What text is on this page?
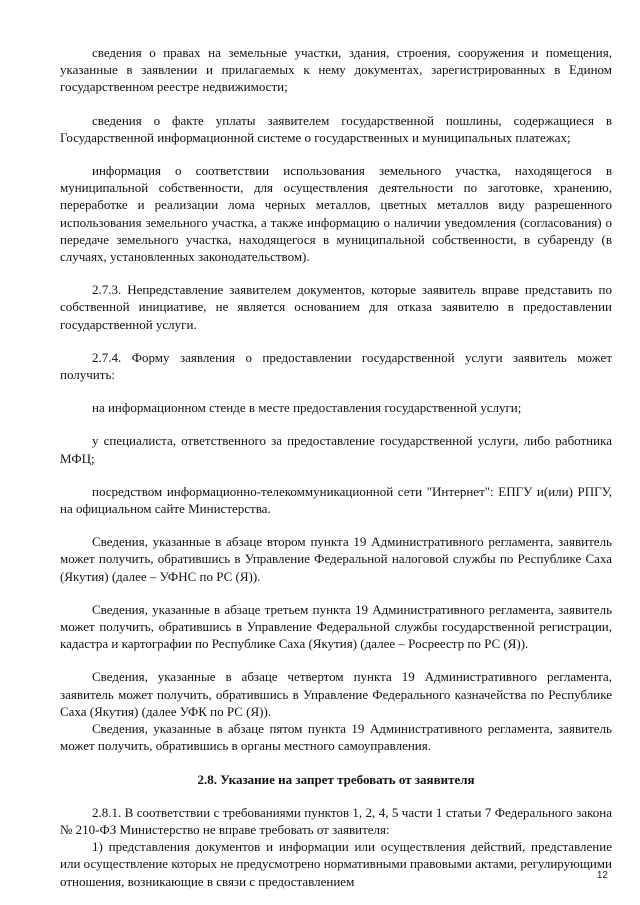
сведения о правах на земельные участки, здания, строения, сооружения и помещения, указанные в заявлении и прилагаемых к нему документах, зарегистрированных в Едином государственном реестре недвижимости;

сведения о факте уплаты заявителем государственной пошлины, содержащиеся в Государственной информационной системе о государственных и муниципальных платежах;

информация о соответствии использования земельного участка, находящегося в муниципальной собственности, для осуществления деятельности по заготовке, хранению, переработке и реализации лома черных металлов, цветных металлов виду разрешенного использования земельного участка, а также информацию о наличии уведомления (согласования) о передаче земельного участка, находящегося в муниципальной собственности, в субаренду (в случаях, установленных законодательством).

2.7.3. Непредставление заявителем документов, которые заявитель вправе представить по собственной инициативе, не является основанием для отказа заявителю в предоставлении государственной услуги.

2.7.4. Форму заявления о предоставлении государственной услуги заявитель может получить:

на информационном стенде в месте предоставления государственной услуги;

у специалиста, ответственного за предоставление государственной услуги, либо работника МФЦ;

посредством информационно-телекоммуникационной сети "Интернет": ЕПГУ и(или) РПГУ, на официальном сайте Министерства.

Сведения, указанные в абзаце втором пункта 19 Административного регламента, заявитель может получить, обратившись в Управление Федеральной налоговой службы по Республике Саха (Якутия) (далее – УФНС по РС (Я)).

Сведения, указанные в абзаце третьем пункта 19 Административного регламента, заявитель может получить, обратившись в Управление Федеральной службы государственной регистрации, кадастра и картографии по Республике Саха (Якутия) (далее – Росреестр по РС (Я)).

Сведения, указанные в абзаце четвертом пункта 19 Административного регламента, заявитель может получить, обратившись в Управление Федерального казначейства по Республике Саха (Якутия) (далее УФК по РС (Я)).

Сведения, указанные в абзаце пятом пункта 19 Административного регламента, заявитель может получить, обратившись в органы местного самоуправления.

2.8. Указание на запрет требовать от заявителя

2.8.1. В соответствии с требованиями пунктов 1, 2, 4, 5 части 1 статьи 7 Федерального закона № 210-ФЗ Министерство не вправе требовать от заявителя:

1) представления документов и информации или осуществления действий, представление или осуществление которых не предусмотрено нормативными правовыми актами, регулирующими отношения, возникающие в связи с предоставлением	12
